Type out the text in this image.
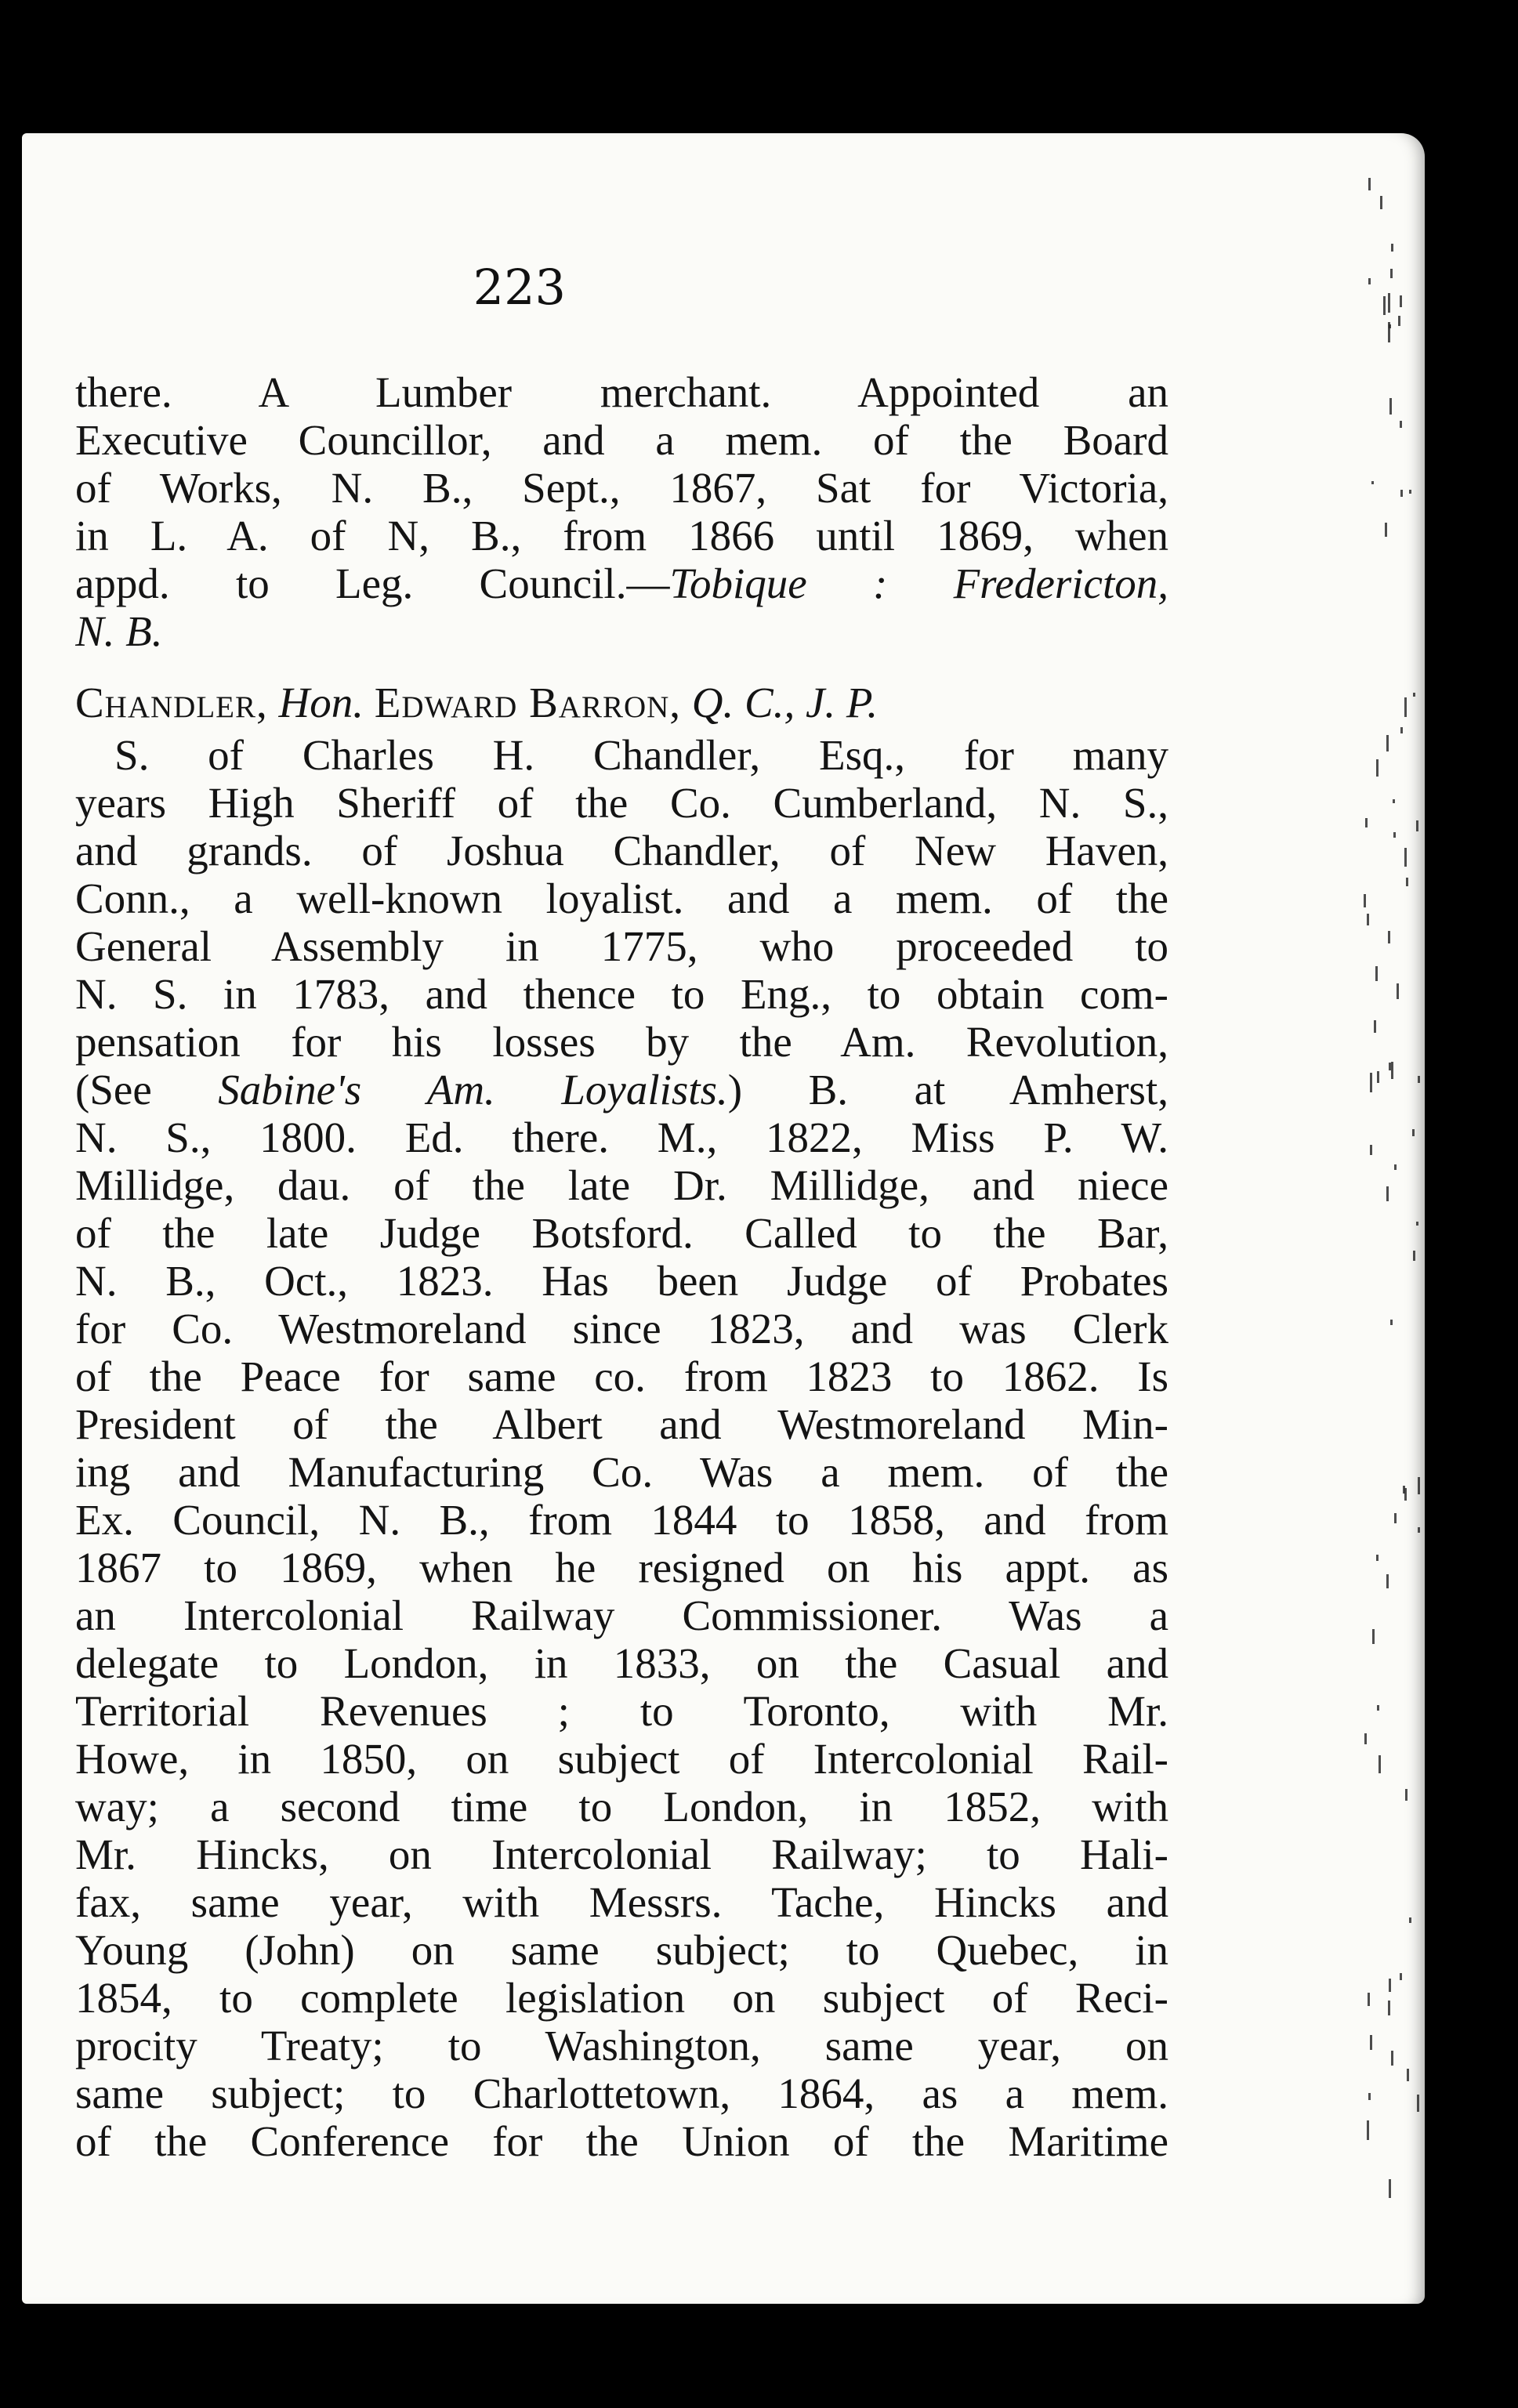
223
there. A Lumber merchant. Appointed an
Executive Councillor, and a mem. of the Board
of Works, N. B., Sept., 1867, Sat for Victoria,
in L. A. of N, B., from 1866 until 1869, when
appd. to Leg. Council.—Tobique : Fredericton,
N. B.
Chandler, Hon. Edward Barron, Q. C., J. P.
S. of Charles H. Chandler, Esq., for many
years High Sheriff of the Co. Cumberland, N. S.,
and grands. of Joshua Chandler, of New Haven,
Conn., a well-known loyalist. and a mem. of the
General Assembly in 1775, who proceeded to
N. S. in 1783, and thence to Eng., to obtain com-
pensation for his losses by the Am. Revolution,
(See Sabine's Am. Loyalists.) B. at Amherst,
N. S., 1800. Ed. there. M., 1822, Miss P. W.
Millidge, dau. of the late Dr. Millidge, and niece
of the late Judge Botsford. Called to the Bar,
N. B., Oct., 1823. Has been Judge of Probates
for Co. Westmoreland since 1823, and was Clerk
of the Peace for same co. from 1823 to 1862. Is
President of the Albert and Westmoreland Min-
ing and Manufacturing Co. Was a mem. of the
Ex. Council, N. B., from 1844 to 1858, and from
1867 to 1869, when he resigned on his appt. as
an Intercolonial Railway Commissioner. Was a
delegate to London, in 1833, on the Casual and
Territorial Revenues ; to Toronto, with Mr.
Howe, in 1850, on subject of Intercolonial Rail-
way; a second time to London, in 1852, with
Mr. Hincks, on Intercolonial Railway; to Hali-
fax, same year, with Messrs. Tache, Hincks and
Young (John) on same subject; to Quebec, in
1854, to complete legislation on subject of Reci-
procity Treaty; to Washington, same year, on
same subject; to Charlottetown, 1864, as a mem.
of the Conference for the Union of the Maritime
